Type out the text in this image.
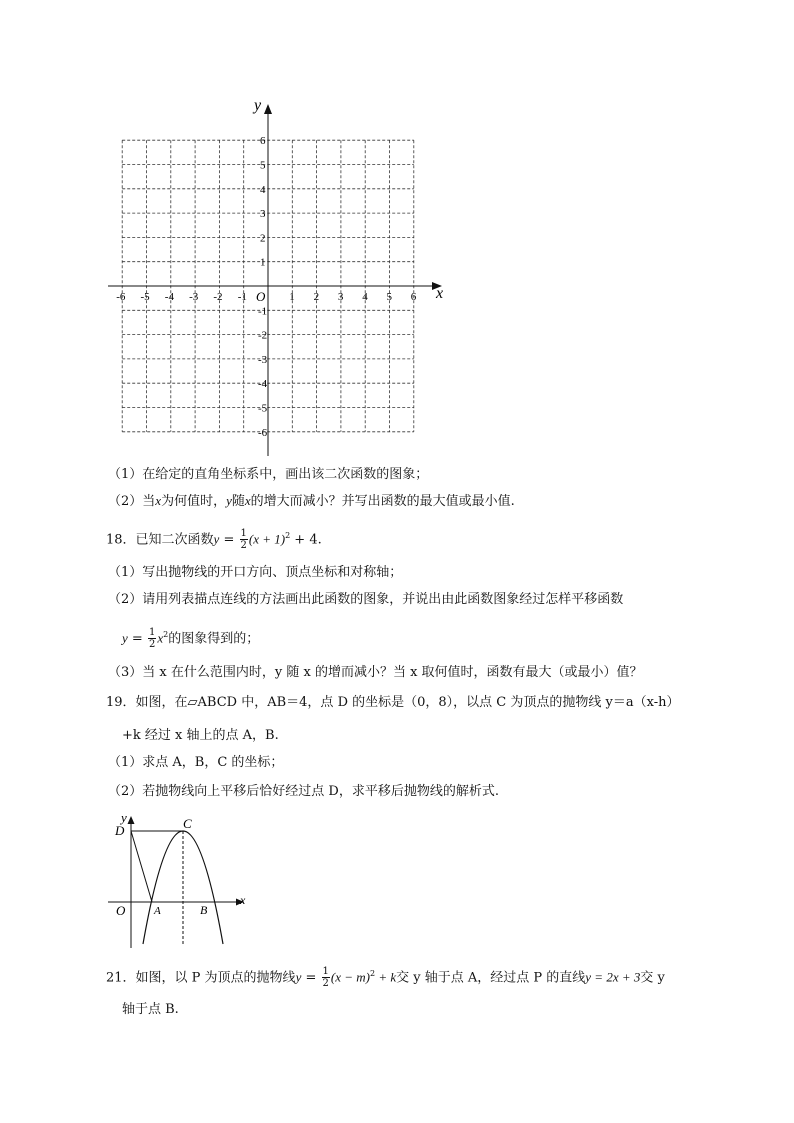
y
x
O
-6 -5 -4 -3 -2 -1	1 2 3 4 5 6
6
5
4
3
2
1
-1
-2
-3
-4
-5
-6
（1）在给定的直角坐标系中，画出该二次函数的图象；
（2）当x为何值时，y随x的增大而减小？并写出函数的最大值或最小值.
18．已知二次函数$y = \frac{1}{2} (x + 1)^2 + 4$.
（1）写出抛物线的开口方向、顶点坐标和对称轴；
（2）请用列表描点连线的方法画出此函数的图象，并说出由此函数图象经过怎样平移函数
$y = \frac{1}{2} x^2$的图象得到的；
（3）当 x 在什么范围内时，y 随 x 的增而减小？当 x 取何值时，函数有最大（或最小）值？
19．如图，在▱ABCD 中，AB＝4，点 D 的坐标是（0，8），以点 C 为顶点的抛物线 y＝a（x-h）
+k 经过 x 轴上的点 A，B.
（1）求点 A，B，C 的坐标；
（2）若抛物线向上平移后恰好经过点 D，求平移后抛物线的解析式.
y
x
D	C
O	A	B
21．如图，以 P 为顶点的抛物线$y = \frac{1}{2} (x - m)^2 + k$交 y 轴于点 A，经过点 P 的直线y = 2x + 3交 y
轴于点 B.
